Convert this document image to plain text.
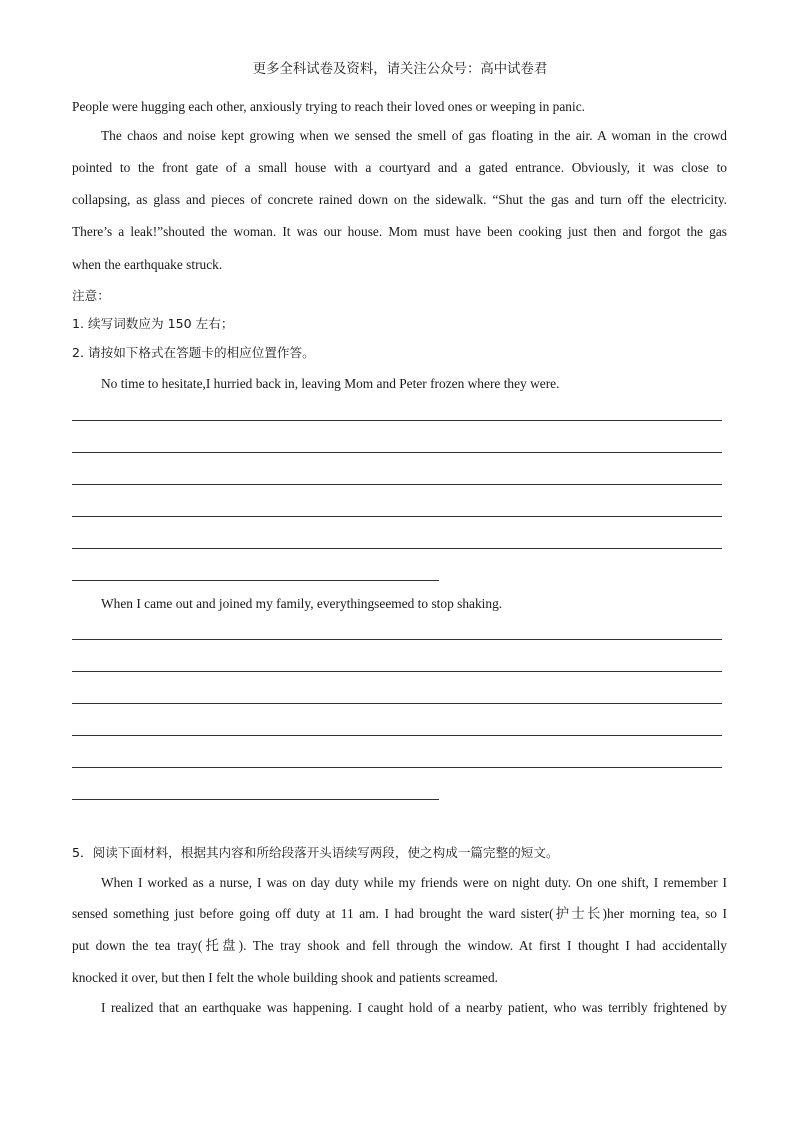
更多全科试卷及资料，请关注公众号：高中试卷君
People were hugging each other, anxiously trying to reach their loved ones or weeping in panic.
The chaos and noise kept growing when we sensed the smell of gas floating in the air. A woman in the crowd
pointed to the front gate of a small house with a courtyard and a gated entrance. Obviously, it was close to
collapsing, as glass and pieces of concrete rained down on the sidewalk. “Shut the gas and turn off the electricity.
There’s a leak!”shouted the woman. It was our house. Mom must have been cooking just then and forgot the gas
when the earthquake struck.
注意：
1. 续写词数应为 150 左右；
2. 请按如下格式在答题卡的相应位置作答。
No time to hesitate,I hurried back in, leaving Mom and Peter frozen where they were.
When I came out and joined my family, everythingseemed to stop shaking.
5．阅读下面材料，根据其内容和所给段落开头语续写两段，使之构成一篇完整的短文。
When I worked as a nurse, I was on day duty while my friends were on night duty. On one shift, I remember I
sensed something just before going off duty at 11 am. I had brought the ward sister(护士长)her morning tea, so I
put down the tea tray(托盘). The tray shook and fell through the window. At first I thought I had accidentally
knocked it over, but then I felt the whole building shook and patients screamed.
I realized that an earthquake was happening. I caught hold of a nearby patient, who was terribly frightened by
